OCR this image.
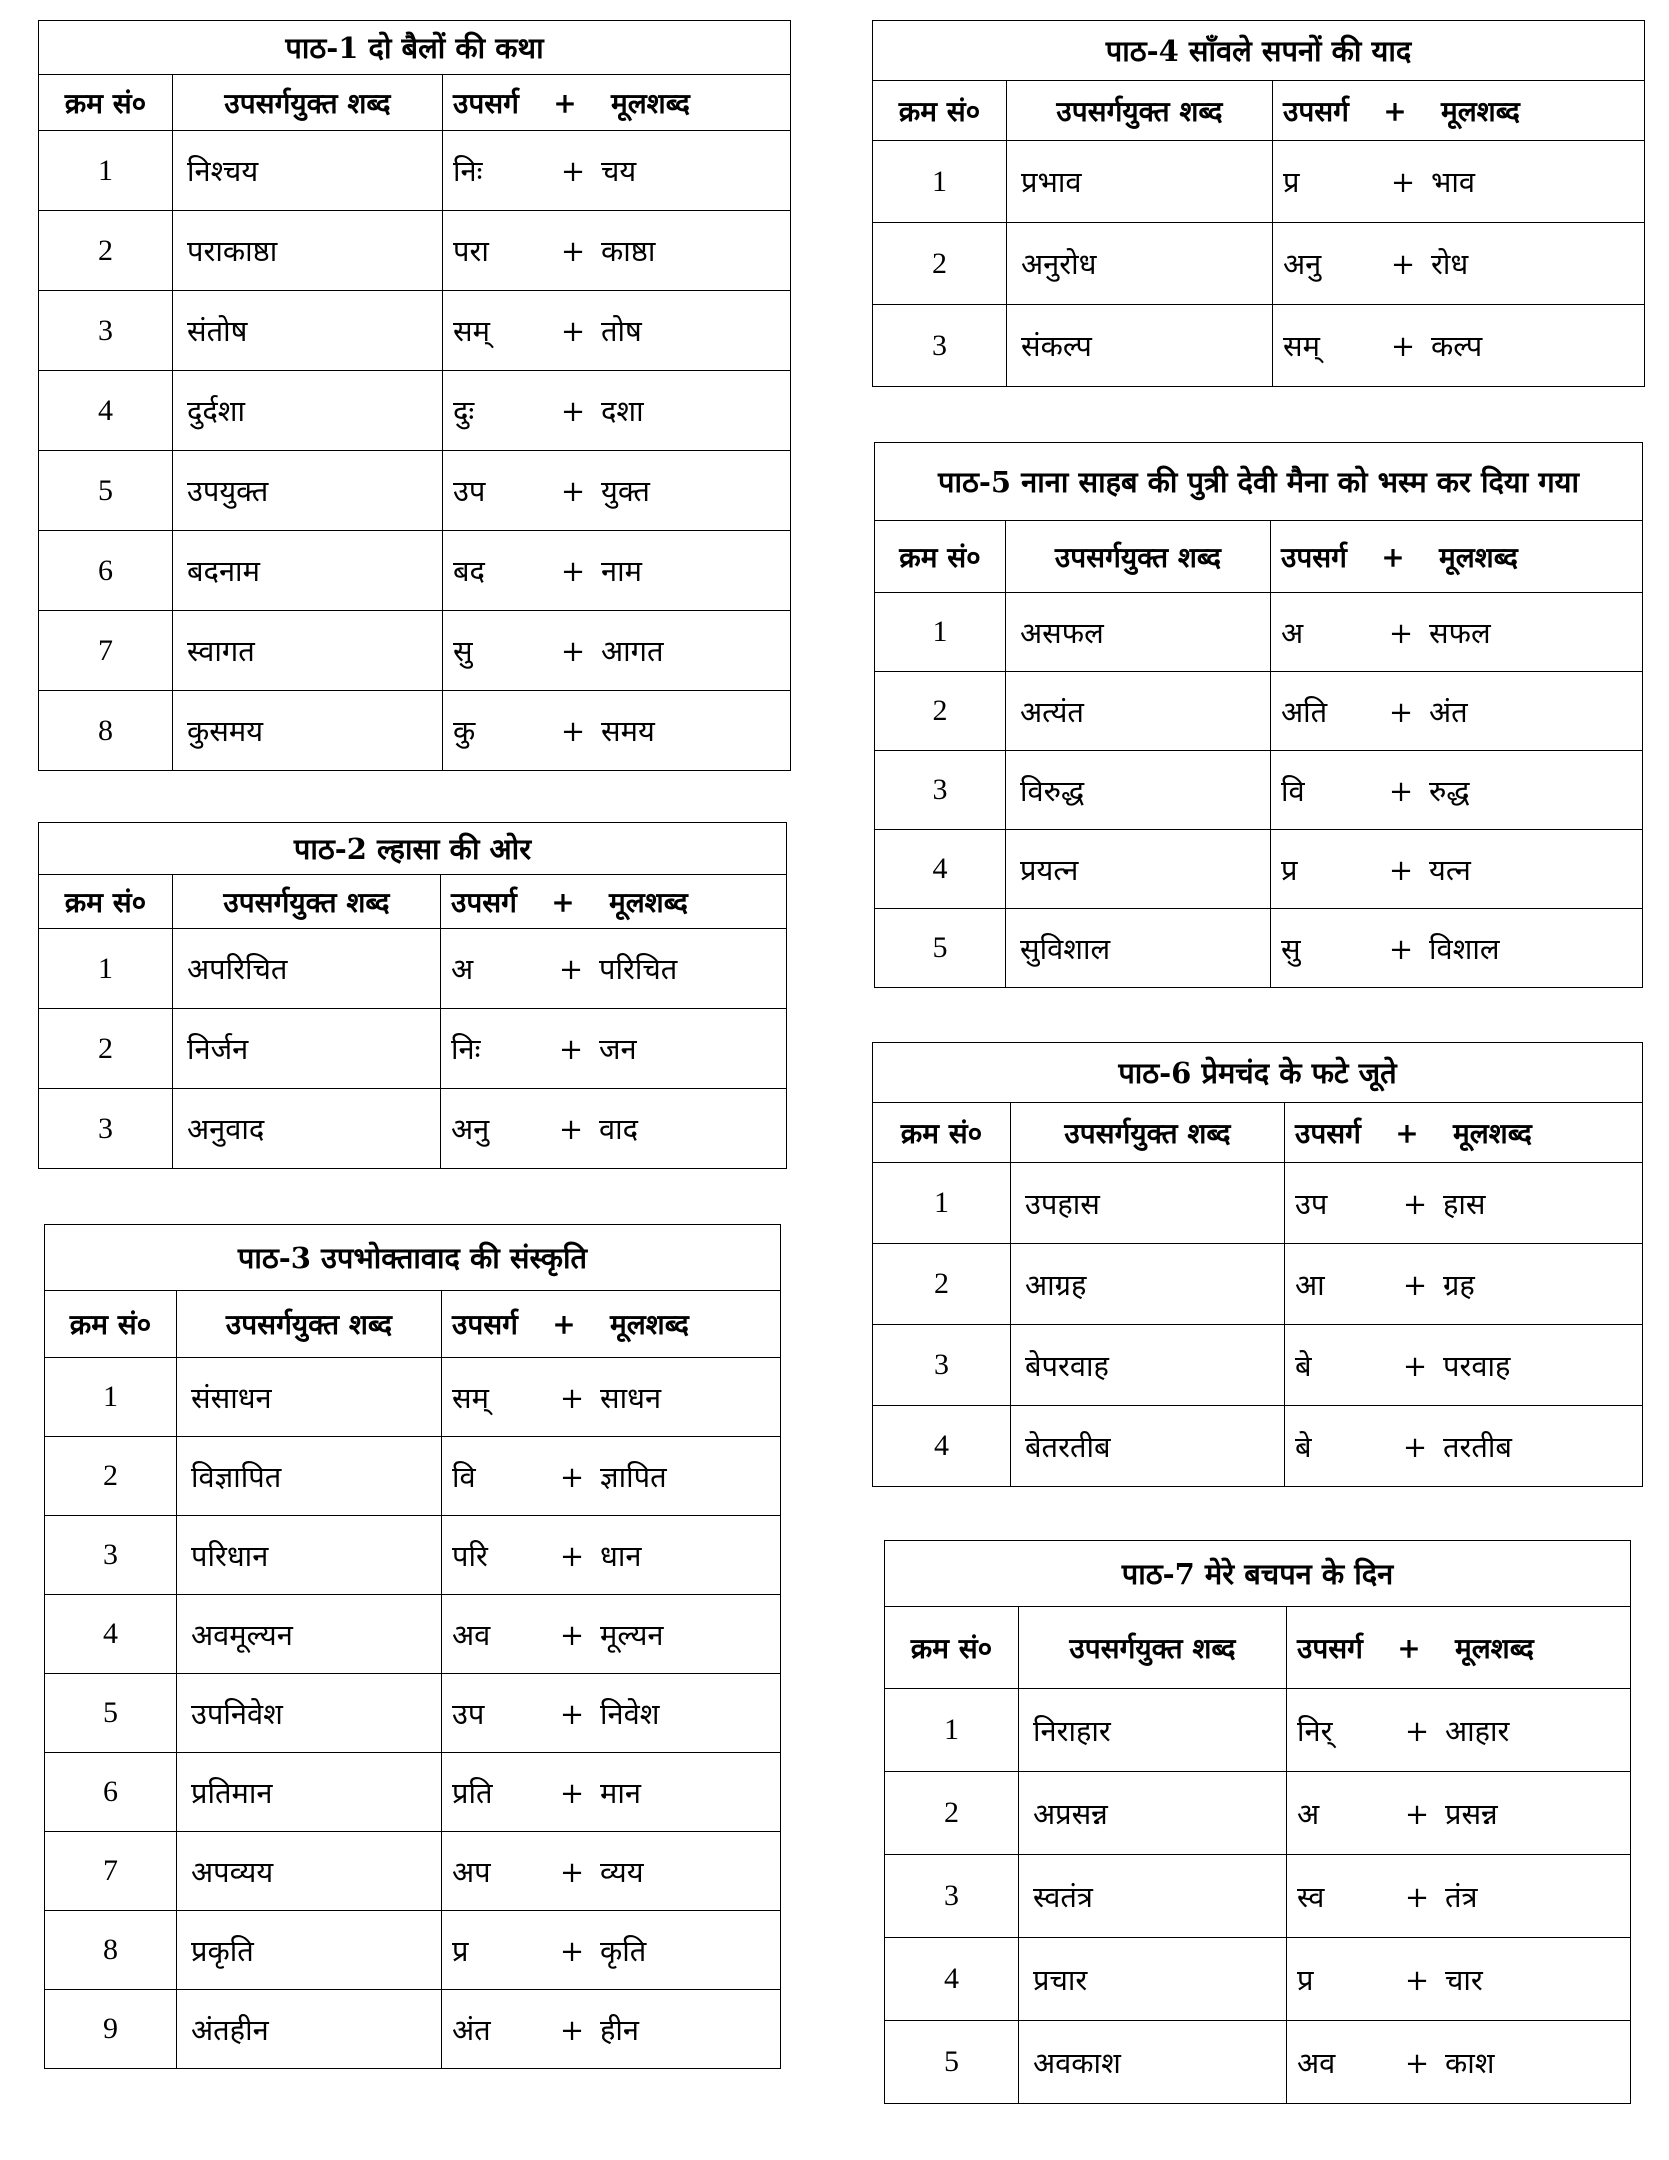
पाठ-1 दो बैलों की कथा		
क्रम सं०	उपसर्गयुक्त शब्द	उपसर्ग + मूलशब्द
1	निश्चय	निः + चय
2	पराकाष्ठा	परा + काष्ठा
3	संतोष	सम् + तोष
4	दुर्दशा	दुः + दशा
5	उपयुक्त	उप + युक्त
6	बदनाम	बद + नाम
7	स्वागत	सु + आगत
8	कुसमय	कु + समय
पाठ-2 ल्हासा की ओर		
क्रम सं०	उपसर्गयुक्त शब्द	उपसर्ग + मूलशब्द
1	अपरिचित	अ + परिचित
2	निर्जन	निः + जन
3	अनुवाद	अनु + वाद
पाठ-3 उपभोक्तावाद की संस्कृति		
क्रम सं०	उपसर्गयुक्त शब्द	उपसर्ग + मूलशब्द
1	संसाधन	सम् + साधन
2	विज्ञापित	वि + ज्ञापित
3	परिधान	परि + धान
4	अवमूल्यन	अव + मूल्यन
5	उपनिवेश	उप + निवेश
6	प्रतिमान	प्रति + मान
7	अपव्यय	अप + व्यय
8	प्रकृति	प्र + कृति
9	अंतहीन	अंत + हीन
पाठ-4 साँवले सपनों की याद		
क्रम सं०	उपसर्गयुक्त शब्द	उपसर्ग + मूलशब्द
1	प्रभाव	प्र + भाव
2	अनुरोध	अनु + रोध
3	संकल्प	सम् + कल्प
पाठ-5 नाना साहब की पुत्री देवी मैना को भस्म कर दिया गया		
क्रम सं०	उपसर्गयुक्त शब्द	उपसर्ग + मूलशब्द
1	असफल	अ + सफल
2	अत्यंत	अति + अंत
3	विरुद्ध	वि + रुद्ध
4	प्रयत्न	प्र + यत्न
5	सुविशाल	सु + विशाल
पाठ-6 प्रेमचंद के फटे जूते		
क्रम सं०	उपसर्गयुक्त शब्द	उपसर्ग + मूलशब्द
1	उपहास	उप + हास
2	आग्रह	आ + ग्रह
3	बेपरवाह	बे + परवाह
4	बेतरतीब	बे + तरतीब
पाठ-7 मेरे बचपन के दिन		
क्रम सं०	उपसर्गयुक्त शब्द	उपसर्ग + मूलशब्द
1	निराहार	निर् + आहार
2	अप्रसन्न	अ + प्रसन्न
3	स्वतंत्र	स्व + तंत्र
4	प्रचार	प्र + चार
5	अवकाश	अव + काश
